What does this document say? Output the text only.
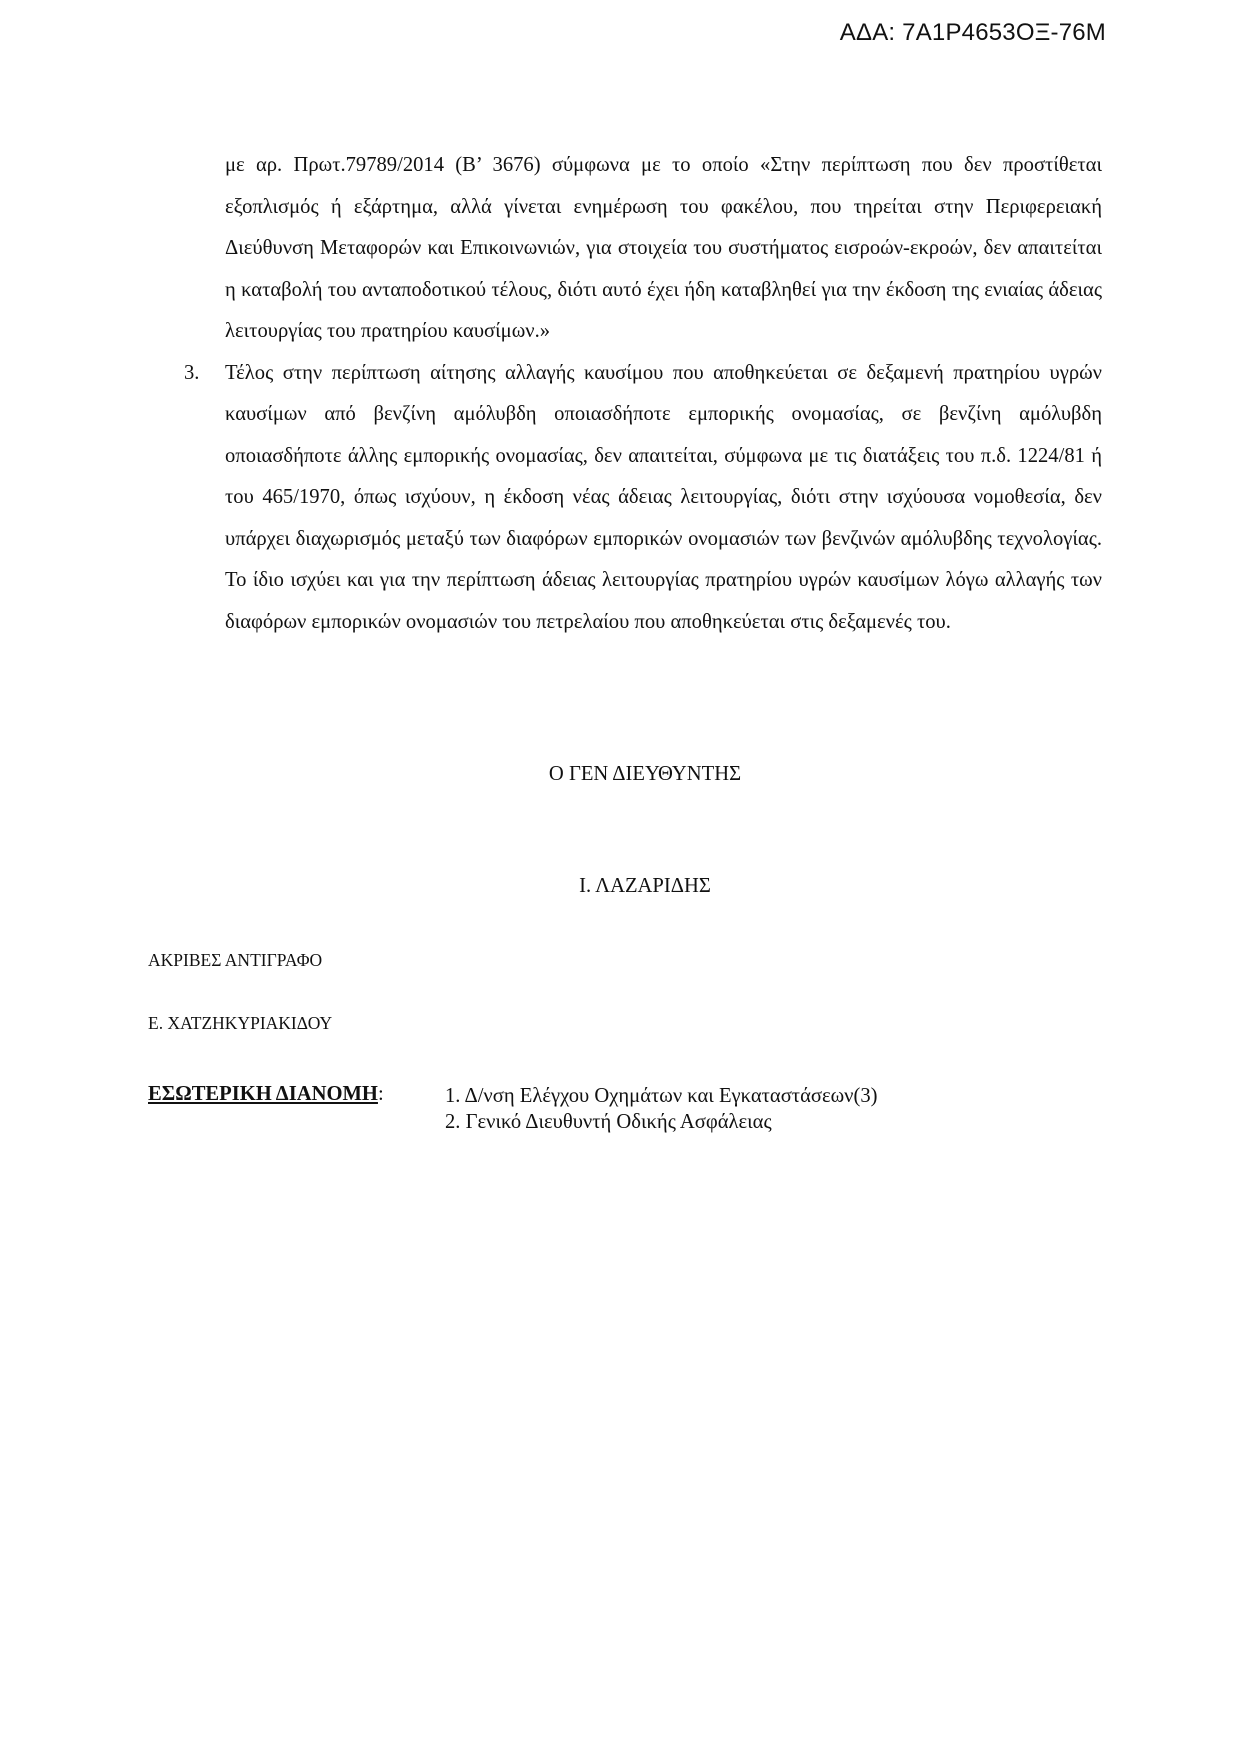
ΑΔΑ: 7Α1Ρ4653ΟΞ-76Μ

με αρ. Πρωτ.79789/2014 (Β’ 3676) σύμφωνα με το οποίο «Στην περίπτωση που δεν προστίθεται εξοπλισμός ή εξάρτημα, αλλά γίνεται ενημέρωση του φακέλου, που τηρείται στην Περιφερειακή Διεύθυνση Μεταφορών και Επικοινωνιών, για στοιχεία του συστήματος εισροών-εκροών, δεν απαιτείται η καταβολή του ανταποδοτικού τέλους, διότι αυτό έχει ήδη καταβληθεί για την έκδοση της ενιαίας άδειας λειτουργίας του πρατηρίου καυσίμων.»

3. Τέλος στην περίπτωση αίτησης αλλαγής καυσίμου που αποθηκεύεται σε δεξαμενή πρατηρίου υγρών καυσίμων από βενζίνη αμόλυβδη οποιασδήποτε εμπορικής ονομασίας, σε βενζίνη αμόλυβδη οποιασδήποτε άλλης εμπορικής ονομασίας, δεν απαιτείται, σύμφωνα με τις διατάξεις του π.δ. 1224/81 ή του 465/1970, όπως ισχύουν, η έκδοση νέας άδειας λειτουργίας, διότι στην ισχύουσα νομοθεσία, δεν υπάρχει διαχωρισμός μεταξύ των διαφόρων εμπορικών ονομασιών των βενζινών αμόλυβδης τεχνολογίας. Το ίδιο ισχύει και για την περίπτωση άδειας λειτουργίας πρατηρίου υγρών καυσίμων λόγω αλλαγής των διαφόρων εμπορικών ονομασιών του πετρελαίου που αποθηκεύεται στις δεξαμενές του.

Ο ΓΕΝ ΔΙΕΥΘΥΝΤΗΣ
Ι. ΛΑΖΑΡΙΔΗΣ
ΑΚΡΙΒΕΣ ΑΝΤΙΓΡΑΦΟ
Ε. ΧΑΤΖΗΚΥΡΙΑΚΙΔΟΥ
ΕΣΩΤΕΡΙΚΗ ΔΙΑΝΟΜΗ:	1. Δ/νση Ελέγχου Οχημάτων και Εγκαταστάσεων(3)
2. Γενικό Διευθυντή Οδικής Ασφάλειας
